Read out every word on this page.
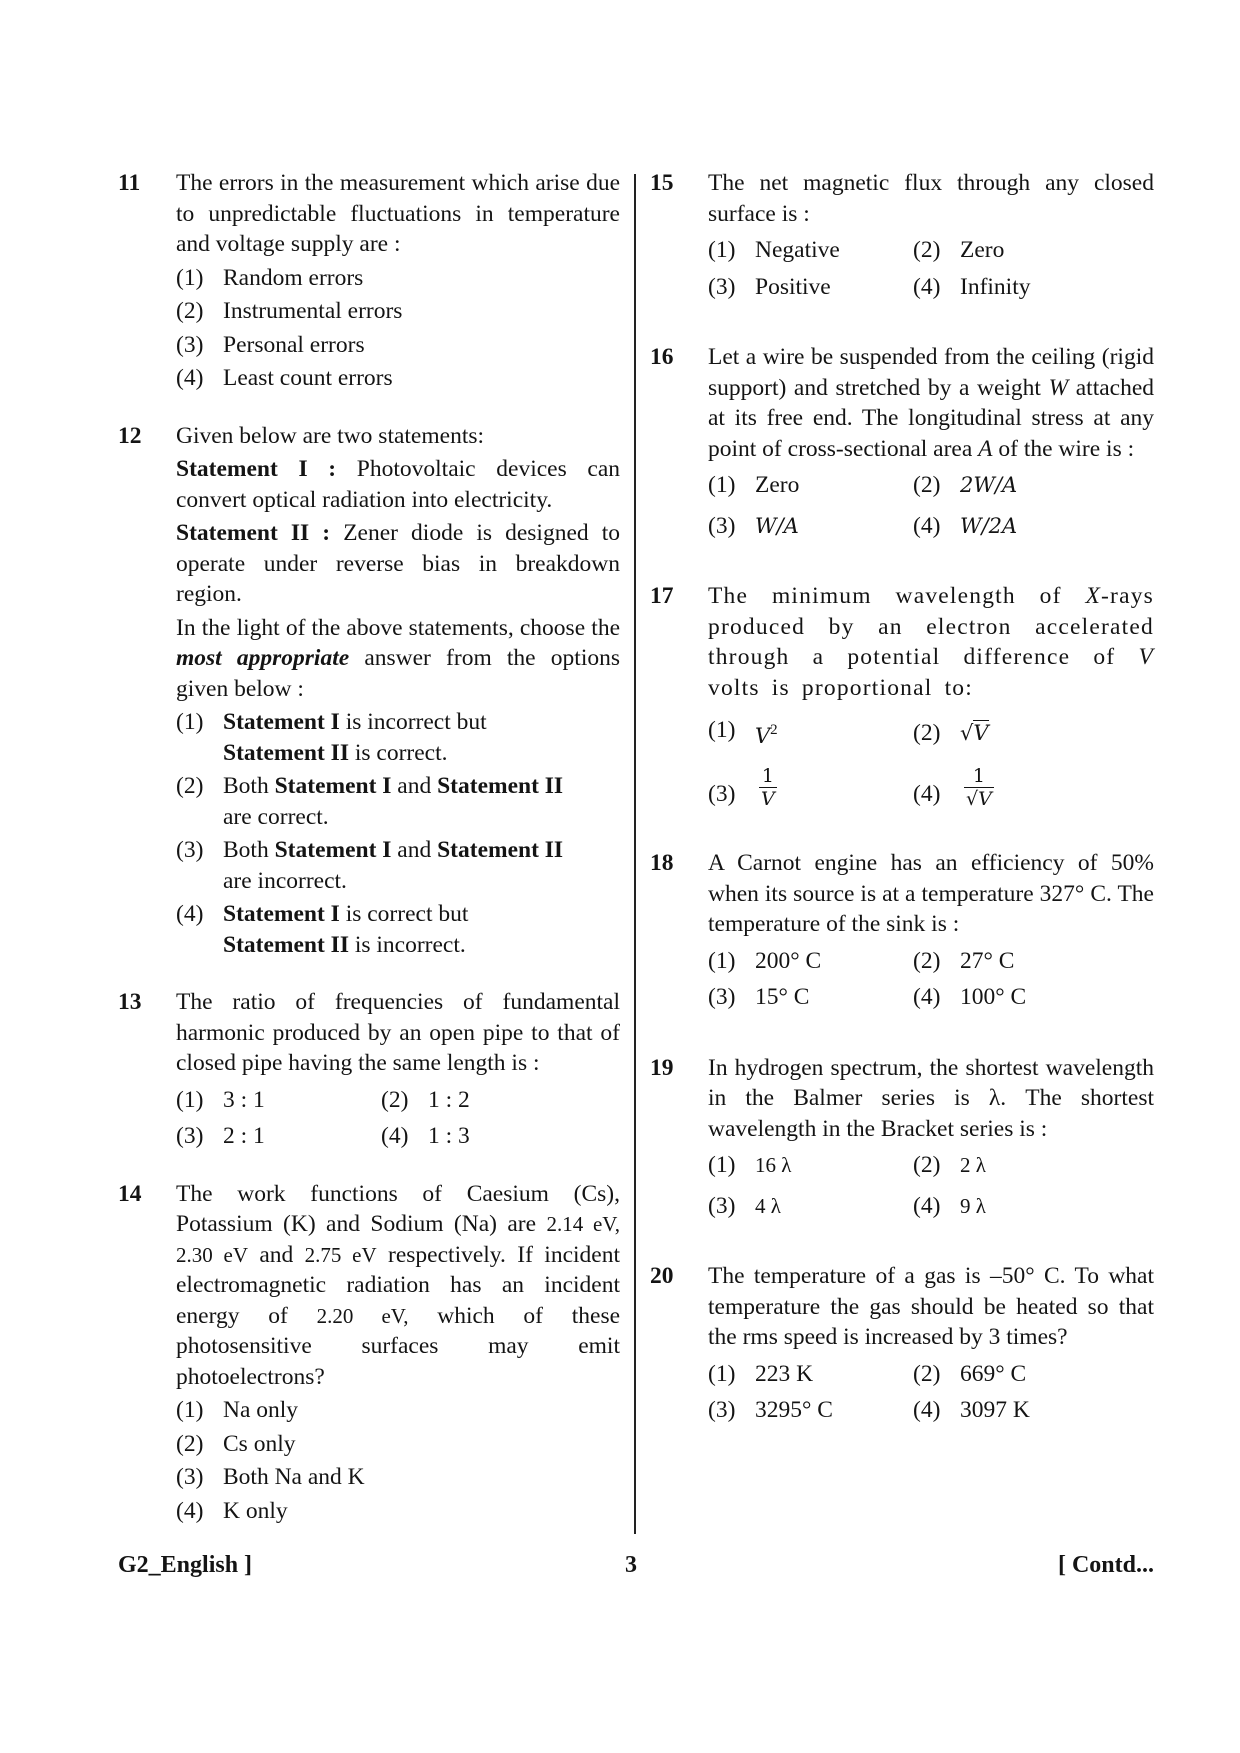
11 The errors in the measurement which arise due to unpredictable fluctuations in temperature and voltage supply are :
(1) Random errors
(2) Instrumental errors
(3) Personal errors
(4) Least count errors
12 Given below are two statements:
Statement I : Photovoltaic devices can convert optical radiation into electricity.
Statement II : Zener diode is designed to operate under reverse bias in breakdown region.
In the light of the above statements, choose the most appropriate answer from the options given below :
(1) Statement I is incorrect but
Statement II is correct.
(2) Both Statement I and Statement II
are correct.
(3) Both Statement I and Statement II
are incorrect.
(4) Statement I is correct but
Statement II is incorrect.
13 The ratio of frequencies of fundamental harmonic produced by an open pipe to that of closed pipe having the same length is :
(1) 3 : 1	(2) 1 : 2
(3) 2 : 1	(4) 1 : 3
14 The work functions of Caesium (Cs), Potassium (K) and Sodium (Na) are 2.14 eV, 2.30 eV and 2.75 eV respectively. If incident electromagnetic radiation has an incident energy of 2.20 eV, which of these photosensitive surfaces may emit photoelectrons?
(1) Na only
(2) Cs only
(3) Both Na and K
(4) K only
15 The net magnetic flux through any closed surface is :
(1) Negative	(2) Zero
(3) Positive	(4) Infinity
16 Let a wire be suspended from the ceiling (rigid support) and stretched by a weight W attached at its free end. The longitudinal stress at any point of cross-sectional area A of the wire is :
(1) Zero	(2) 2W/A
(3) W/A	(4) W/2A
17 The minimum wavelength of X-rays produced by an electron accelerated through a potential difference of V volts is proportional to:
(1) $V^2$	(2) √V
$(3) \frac{1}{V}$	$(4) \frac{1}{√V}$
18 A Carnot engine has an efficiency of 50% when its source is at a temperature 327° C. The temperature of the sink is :
(1) 200° C	(2) 27° C
(3) 15° C	(4) 100° C
19 In hydrogen spectrum, the shortest wavelength in the Balmer series is λ. The shortest wavelength in the Bracket series is :
(1) 16 λ	(2) 2 λ
(3) 4 λ	(4) 9 λ
20 The temperature of a gas is –50° C. To what temperature the gas should be heated so that the rms speed is increased by 3 times?
(1) 223 K	(2) 669° C
(3) 3295° C	(4) 3097 K
G2_English ]	3	[ Contd...
